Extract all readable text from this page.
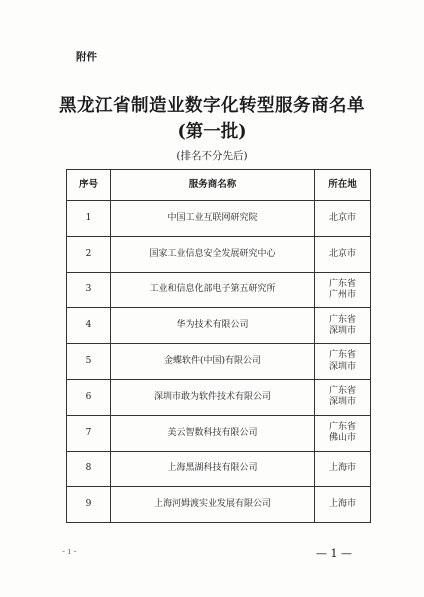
附件
黑龙江省制造业数字化转型服务商名单
(第一批)
(排名不分先后)
序号	服务商名称	所在地
1	中国工业互联网研究院	北京市

2	国家工业信息安全发展研究中心	北京市

3	工业和信息化部电子第五研究所	广东省
广州市

4	华为技术有限公司	广东省
深圳市

5	金蝶软件(中国)有限公司	广东省
深圳市

6	深圳市敢为软件技术有限公司	广东省
深圳市

7	美云智数科技有限公司	广东省
佛山市

8	上海黑湖科技有限公司	上海市

9	上海河姆渡实业发展有限公司	上海市
- ı -	— 1 —
